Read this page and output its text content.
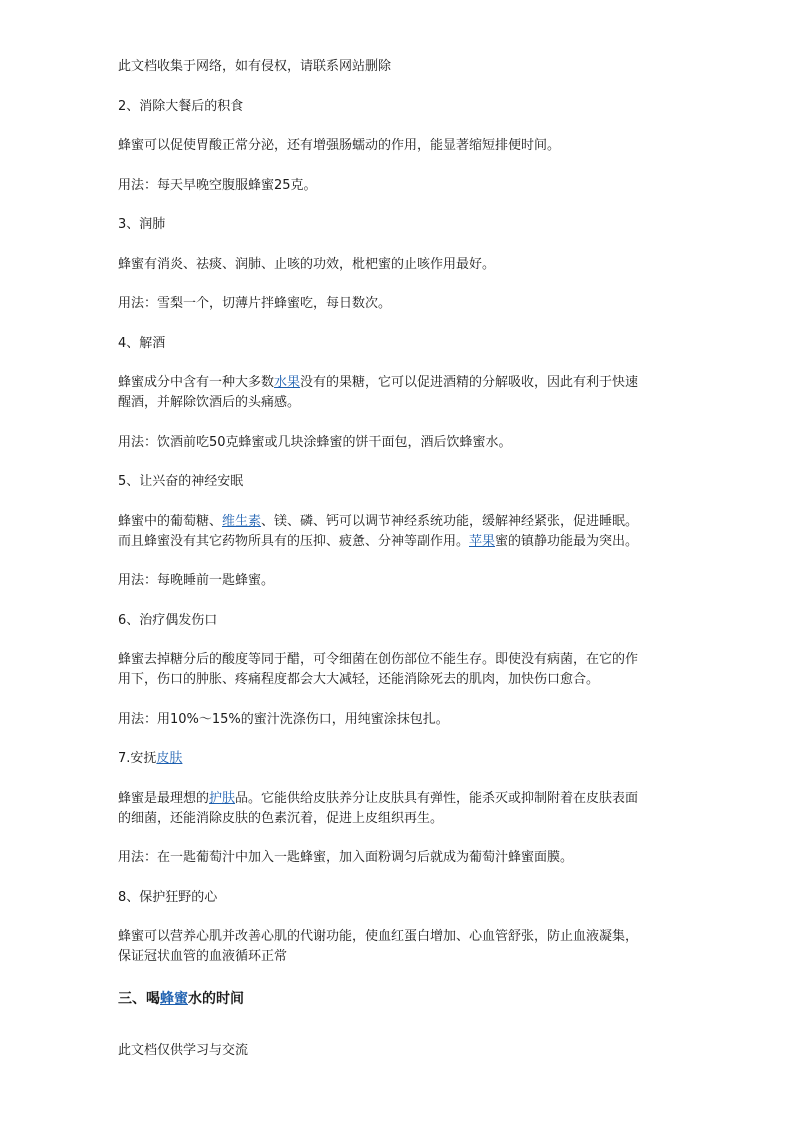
此文档收集于网络，如有侵权，请联系网站删除
2、消除大餐后的积食
蜂蜜可以促使胃酸正常分泌，还有增强肠蠕动的作用，能显著缩短排便时间。
用法：每天早晚空腹服蜂蜜25克。
3、润肺
蜂蜜有消炎、祛痰、润肺、止咳的功效，枇杷蜜的止咳作用最好。
用法：雪梨一个，切薄片拌蜂蜜吃，每日数次。
4、解酒
蜂蜜成分中含有一种大多数水果没有的果糖，它可以促进酒精的分解吸收，因此有利于快速
醒酒，并解除饮酒后的头痛感。
用法：饮酒前吃50克蜂蜜或几块涂蜂蜜的饼干面包，酒后饮蜂蜜水。
5、让兴奋的神经安眠
蜂蜜中的葡萄糖、维生素、镁、磷、钙可以调节神经系统功能，缓解神经紧张，促进睡眠。
而且蜂蜜没有其它药物所具有的压抑、疲惫、分神等副作用。苹果蜜的镇静功能最为突出。
用法：每晚睡前一匙蜂蜜。
6、治疗偶发伤口
蜂蜜去掉糖分后的酸度等同于醋，可令细菌在创伤部位不能生存。即使没有病菌，在它的作
用下，伤口的肿胀、疼痛程度都会大大减轻，还能消除死去的肌肉，加快伤口愈合。
用法：用10%～15%的蜜汁洗涤伤口，用纯蜜涂抹包扎。
7.安抚皮肤
蜂蜜是最理想的护肤品。它能供给皮肤养分让皮肤具有弹性，能杀灭或抑制附着在皮肤表面
的细菌，还能消除皮肤的色素沉着，促进上皮组织再生。
用法：在一匙葡萄汁中加入一匙蜂蜜，加入面粉调匀后就成为葡萄汁蜂蜜面膜。
8、保护狂野的心
蜂蜜可以营养心肌并改善心肌的代谢功能，使血红蛋白增加、心血管舒张，防止血液凝集，
保证冠状血管的血液循环正常
三、喝蜂蜜水的时间
此文档仅供学习与交流
